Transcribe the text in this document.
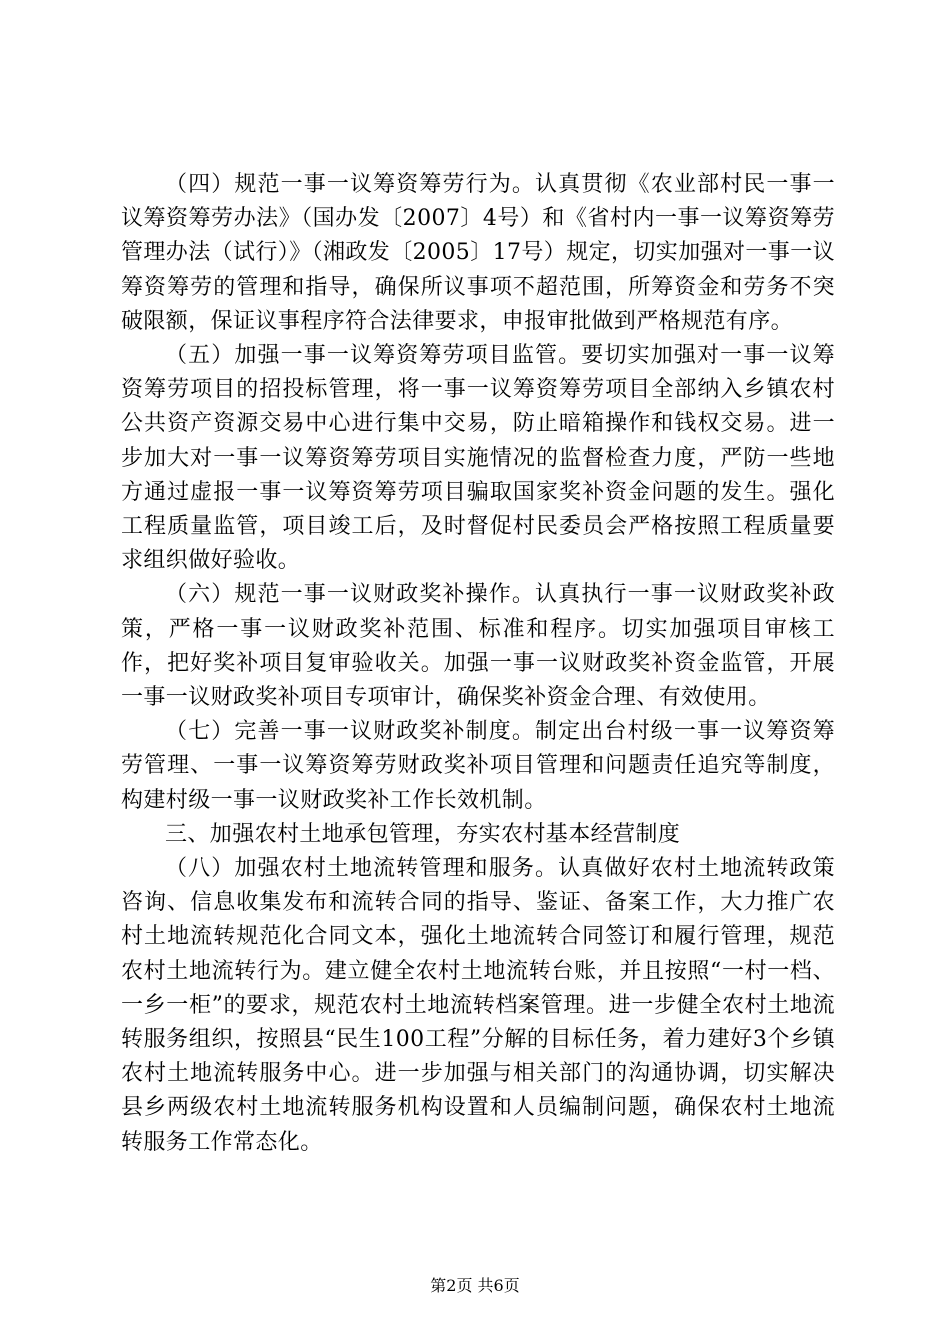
（四）规范一事一议筹资筹劳行为。认真贯彻《农业部村民一事一议筹资筹劳办法》（国办发〔2007〕4号）和《省村内一事一议筹资筹劳管理办法（试行）》（湘政发〔2005〕17号）规定，切实加强对一事一议筹资筹劳的管理和指导，确保所议事项不超范围，所筹资金和劳务不突破限额，保证议事程序符合法律要求，申报审批做到严格规范有序。

（五）加强一事一议筹资筹劳项目监管。要切实加强对一事一议筹资筹劳项目的招投标管理，将一事一议筹资筹劳项目全部纳入乡镇农村公共资产资源交易中心进行集中交易，防止暗箱操作和钱权交易。进一步加大对一事一议筹资筹劳项目实施情况的监督检查力度，严防一些地方通过虚报一事一议筹资筹劳项目骗取国家奖补资金问题的发生。强化工程质量监管，项目竣工后，及时督促村民委员会严格按照工程质量要求组织做好验收。

（六）规范一事一议财政奖补操作。认真执行一事一议财政奖补政策，严格一事一议财政奖补范围、标准和程序。切实加强项目审核工作，把好奖补项目复审验收关。加强一事一议财政奖补资金监管，开展一事一议财政奖补项目专项审计，确保奖补资金合理、有效使用。

（七）完善一事一议财政奖补制度。制定出台村级一事一议筹资筹劳管理、一事一议筹资筹劳财政奖补项目管理和问题责任追究等制度，构建村级一事一议财政奖补工作长效机制。

三、加强农村土地承包管理，夯实农村基本经营制度

（八）加强农村土地流转管理和服务。认真做好农村土地流转政策咨询、信息收集发布和流转合同的指导、鉴证、备案工作，大力推广农村土地流转规范化合同文本，强化土地流转合同签订和履行管理，规范农村土地流转行为。建立健全农村土地流转台账，并且按照“一村一档、一乡一柜”的要求，规范农村土地流转档案管理。进一步健全农村土地流转服务组织，按照县“民生100工程”分解的目标任务，着力建好3个乡镇农村土地流转服务中心。进一步加强与相关部门的沟通协调，切实解决县乡两级农村土地流转服务机构设置和人员编制问题，确保农村土地流转服务工作常态化。

第2页 共6页
